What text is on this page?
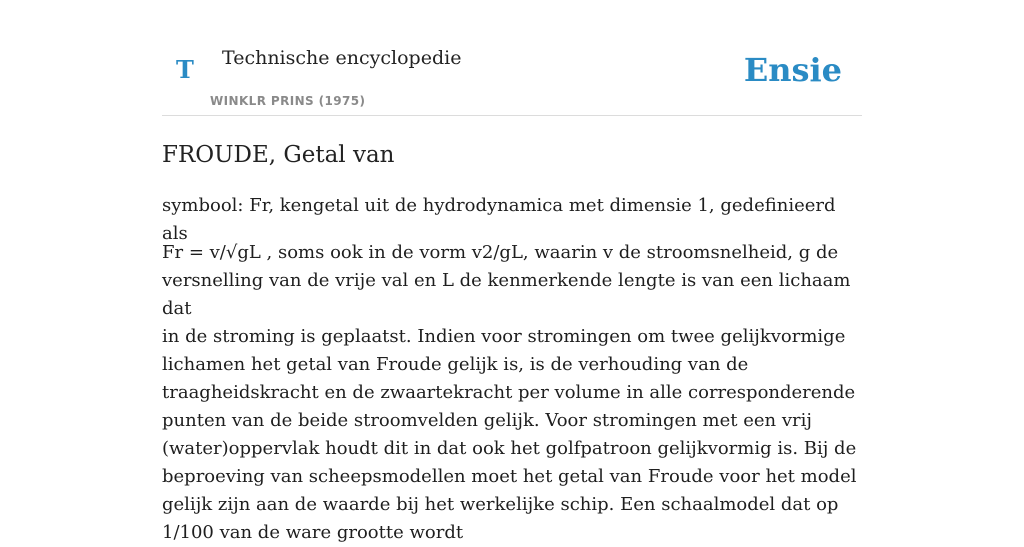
T Technische encyclopedie
WINKLR PRINS (1975)
Ensie
FROUDE, Getal van

symbool: Fr, kengetal uit de hydrodynamica met dimensie 1, gedefinieerd als

Fr = v/√gL , soms ook in de vorm v2/gL, waarin v de stroomsnelheid, g de versnelling van de vrije val en L de kenmerkende lengte is van een lichaam dat

in de stroming is geplaatst. Indien voor stromingen om twee gelijkvormige lichamen het getal van Froude gelijk is, is de verhouding van de traagheidskracht en de zwaartekracht per volume in alle corresponderende punten van de beide stroomvelden gelijk. Voor stromingen met een vrij (water)oppervlak houdt dit in dat ook het golfpatroon gelijkvormig is. Bij de beproeving van scheepsmodellen moet het getal van Froude voor het model gelijk zijn aan de waarde bij het werkelijke schip. Een schaalmodel dat op 1/100 van de ware grootte wordt
